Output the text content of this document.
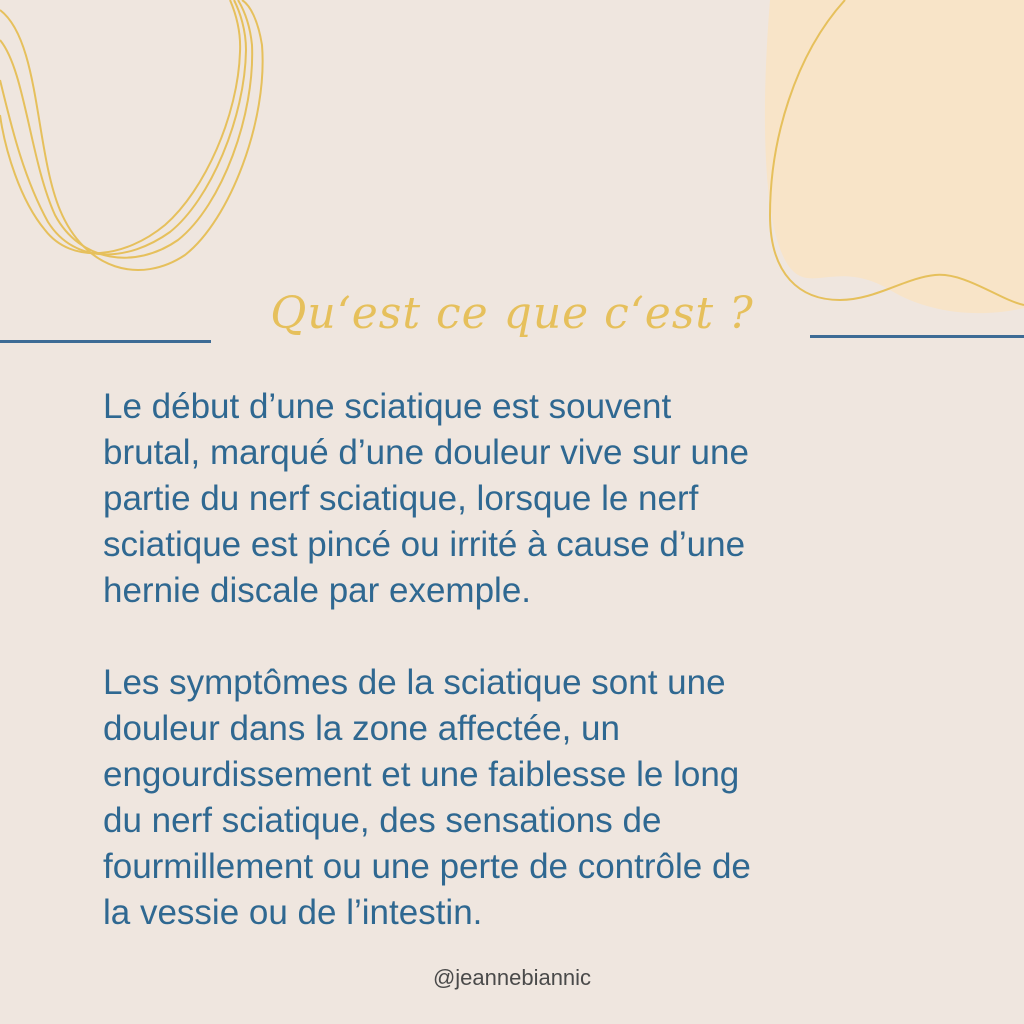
Qu‘est ce que c‘est ?

Le début d’une sciatique est souvent
brutal, marqué d’une douleur vive sur une
partie du nerf sciatique, lorsque le nerf
sciatique est pincé ou irrité à cause d’une
hernie discale par exemple.

Les symptômes de la sciatique sont une
douleur dans la zone affectée, un
engourdissement et une faiblesse le long
du nerf sciatique, des sensations de
fourmillement ou une perte de contrôle de
la vessie ou de l’intestin.

@jeannebiannic
